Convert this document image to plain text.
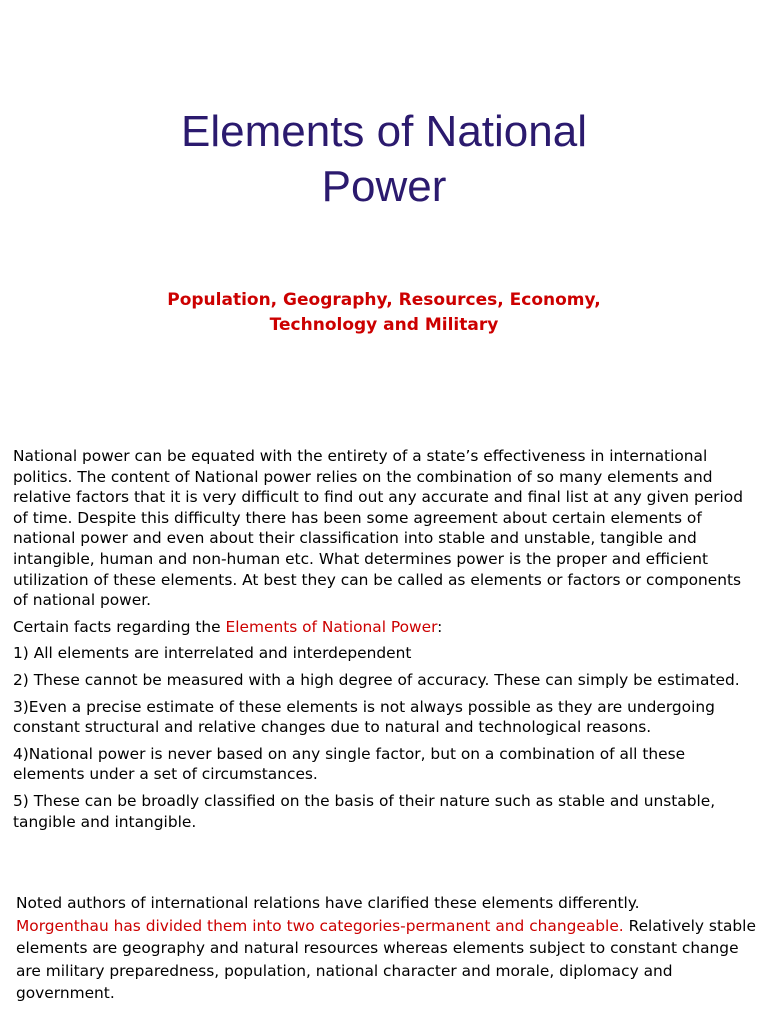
Elements of National
Power
Population, Geography, Resources, Economy,
Technology and Military

National power can be equated with the entirety of a state’s effectiveness in international politics. The content of National power relies on the combination of so many elements and relative factors that it is very difficult to find out any accurate and final list at any given period of time. Despite this difficulty there has been some agreement about certain elements of national power and even about their classification into stable and unstable, tangible and intangible, human and non-human etc. What determines power is the proper and efficient utilization of these elements. At best they can be called as elements or factors or components of national power.

Certain facts regarding the Elements of National Power:

1) All elements are interrelated and interdependent

2) These cannot be measured with a high degree of accuracy. These can simply be estimated.

3)Even a precise estimate of these elements is not always possible as they are undergoing constant structural and relative changes due to natural and technological reasons.

4)National power is never based on any single factor, but on a combination of all these elements under a set of circumstances.

5) These can be broadly classified on the basis of their nature such as stable and unstable, tangible and intangible.

Noted authors of international relations have clarified these elements differently.

Morgenthau has divided them into two categories-permanent and changeable. Relatively stable elements are geography and natural resources whereas elements subject to constant change are military preparedness, population, national character and morale, diplomacy and government.
